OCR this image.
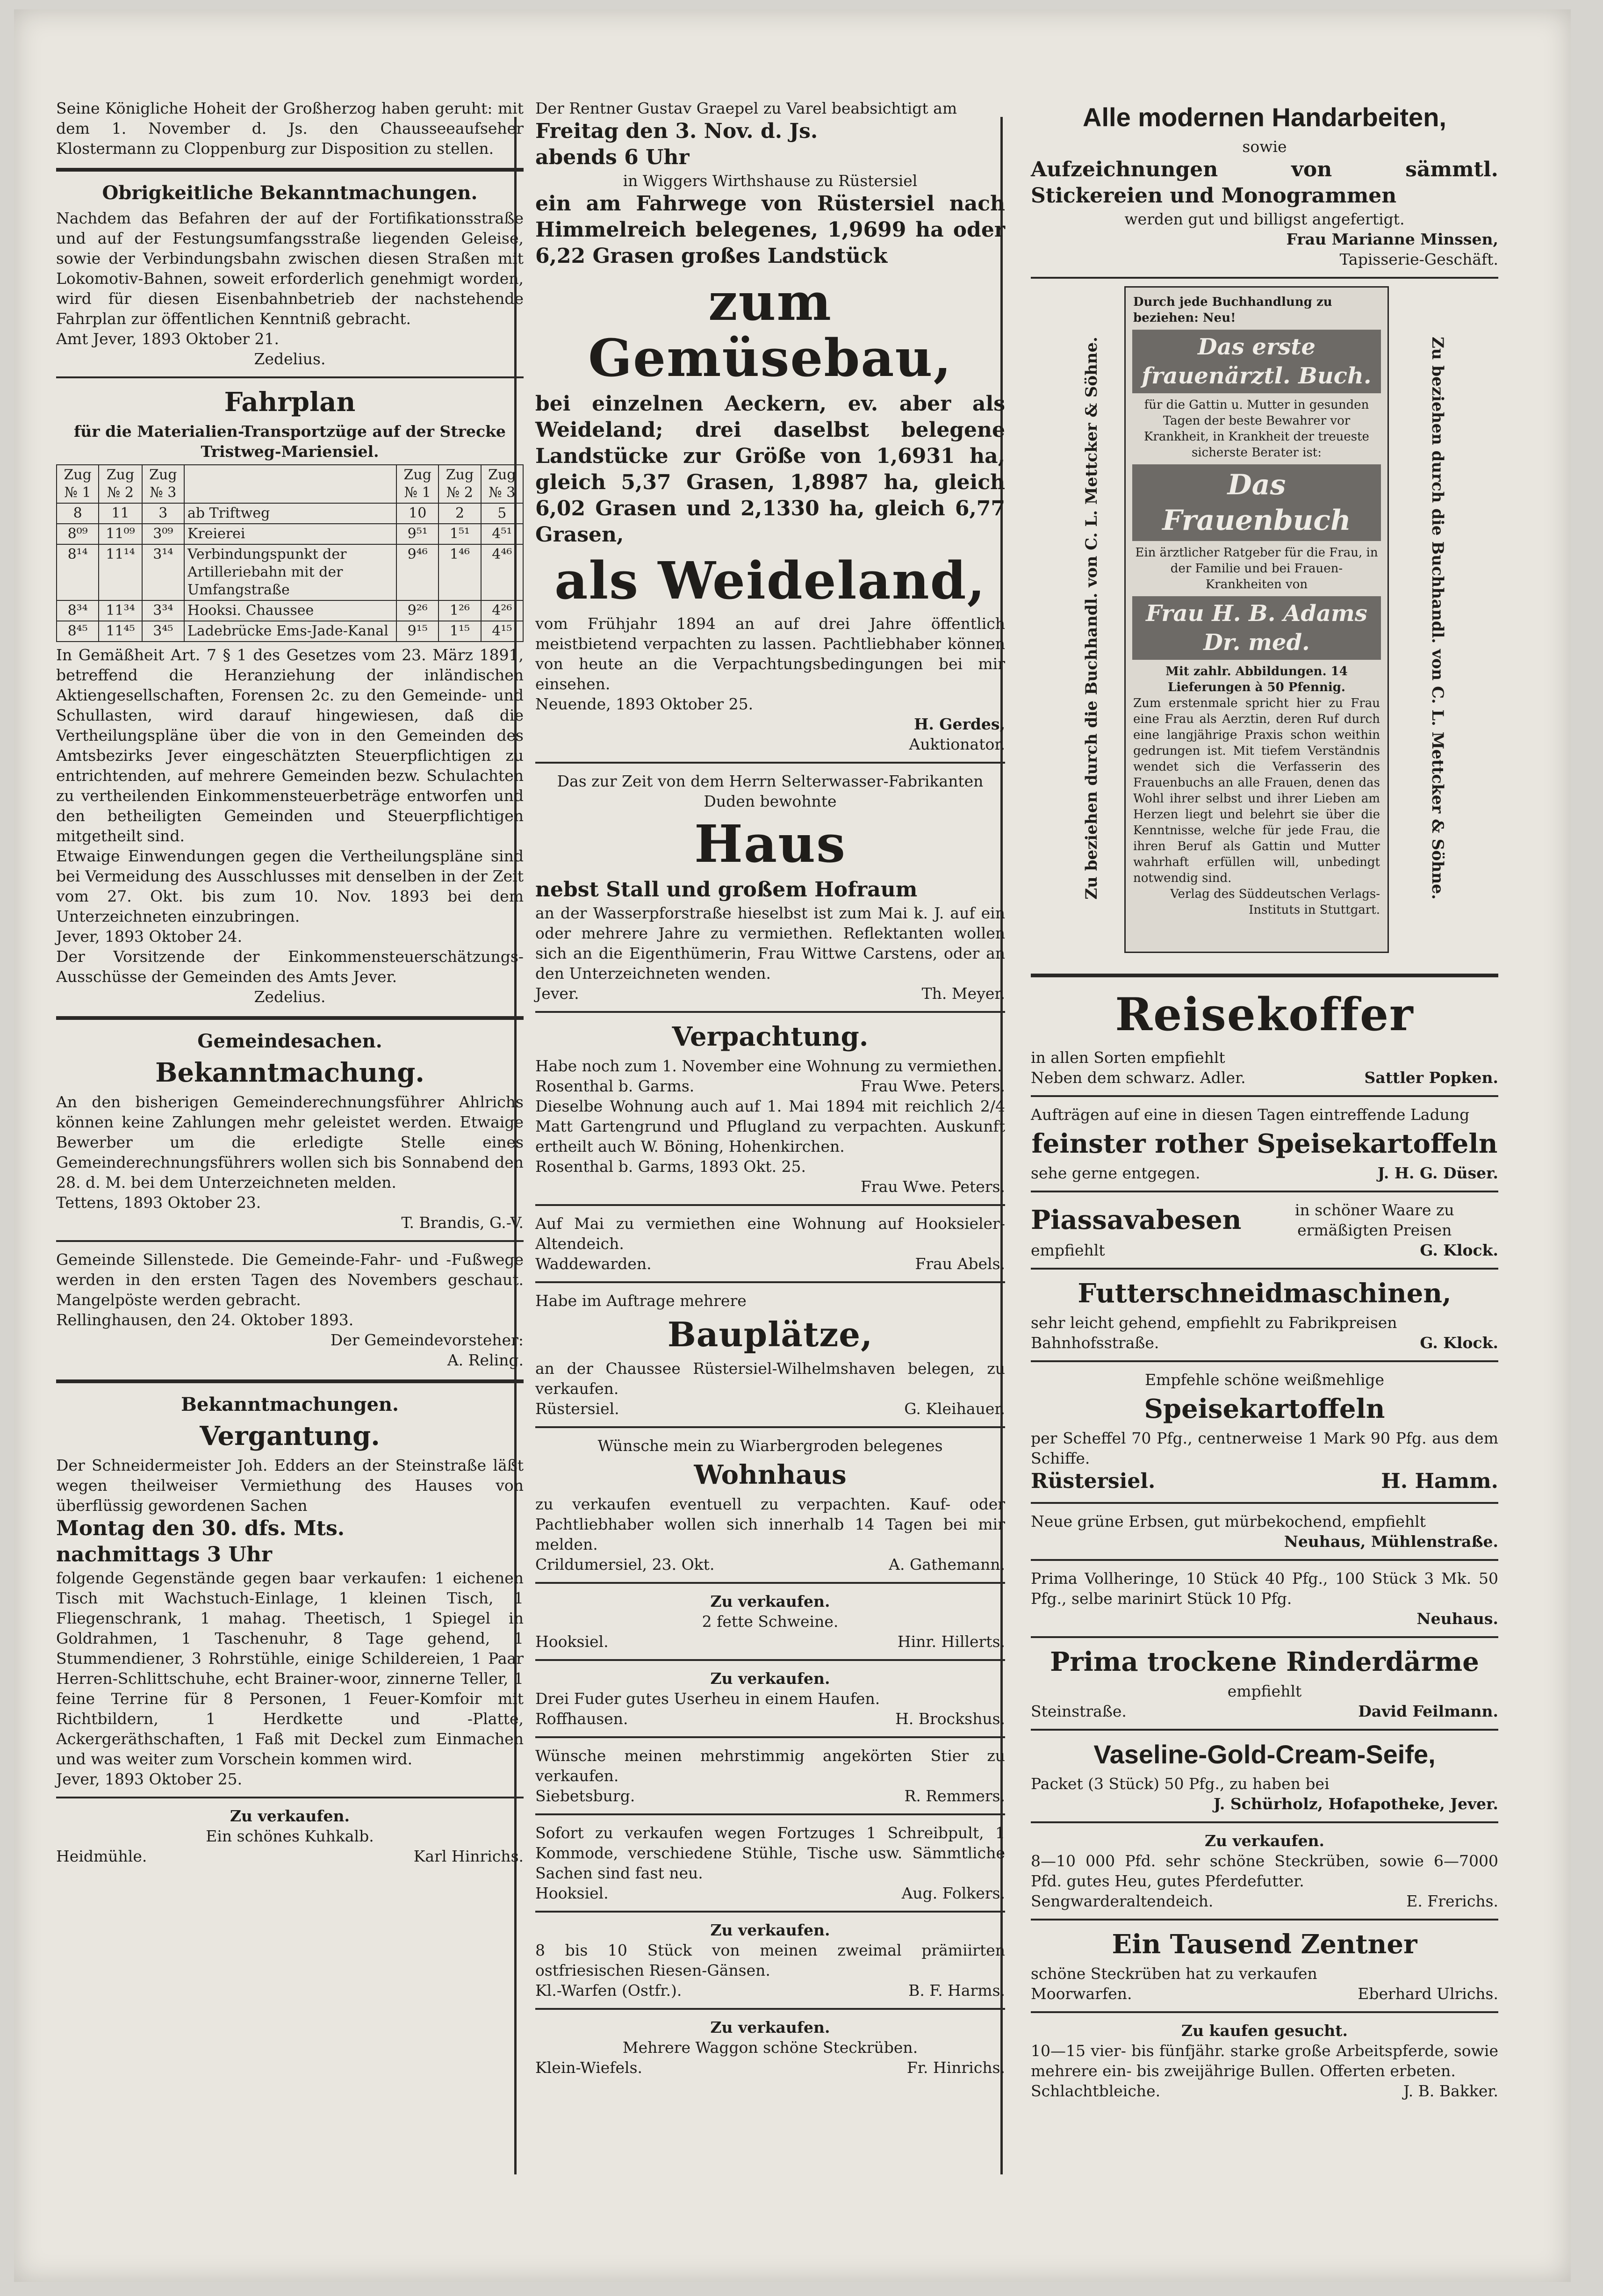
Seine Königliche Hoheit der Großherzog haben geruht: mit dem 1. November d. Js. den Chausseeaufseher Klostermann zu Cloppenburg zur Disposition zu stellen.

Obrigkeitliche Bekanntmachungen.

Nachdem das Befahren der auf der Fortifikationsstraße und auf der Festungsumfangsstraße liegenden Geleise, sowie der Verbindungsbahn zwischen diesen Straßen mit Lokomotiv-Bahnen, soweit erforderlich genehmigt worden, wird für diesen Eisenbahnbetrieb der nachstehende Fahrplan zur öffentlichen Kenntniß gebracht.

Amt Jever, 1893 Oktober 21.

Zedelius.
Fahrplan
für die Materialien-Transportzüge auf der Strecke Tristweg-Mariensiel.
Zug № 1	Zug № 2	Zug № 3		Zug № 1	Zug № 2	Zug № 3
8	11	3	ab Triftweg	10	2	5
8⁰⁹	11⁰⁹	3⁰⁹	Kreierei	9⁵¹	1⁵¹	4⁵¹
8¹⁴	11¹⁴	3¹⁴	Verbindungspunkt der Artilleriebahn mit der Umfangstraße	9⁴⁶	1⁴⁶	4⁴⁶
8³⁴	11³⁴	3³⁴	Hooksi. Chaussee	9²⁶	1²⁶	4²⁶
8⁴⁵	11⁴⁵	3⁴⁵	Ladebrücke Ems-Jade-Kanal	9¹⁵	1¹⁵	4¹⁵

In Gemäßheit Art. 7 § 1 des Gesetzes vom 23. März 1891, betreffend die Heranziehung der inländischen Aktiengesellschaften, Forensen 2c. zu den Gemeinde- und Schullasten, wird darauf hingewiesen, daß die Vertheilungspläne über die von in den Gemeinden des Amtsbezirks Jever eingeschätzten Steuerpflichtigen zu entrichtenden, auf mehrere Gemeinden bezw. Schulachten zu vertheilenden Einkommensteuerbeträge entworfen und den betheiligten Gemeinden und Steuerpflichtigen mitgetheilt sind.

Etwaige Einwendungen gegen die Vertheilungspläne sind bei Vermeidung des Ausschlusses mit denselben in der Zeit vom 27. Okt. bis zum 10. Nov. 1893 bei dem Unterzeichneten einzubringen.

Jever, 1893 Oktober 24.

Der Vorsitzende der Einkommensteuerschätzungs-Ausschüsse der Gemeinden des Amts Jever.

Zedelius.
Gemeindesachen.
Bekanntmachung.

An den bisherigen Gemeinderechnungsführer Ahlrichs können keine Zahlungen mehr geleistet werden. Etwaige Bewerber um die erledigte Stelle eines Gemeinderechnungsführers wollen sich bis Sonnabend den 28. d. M. bei dem Unterzeichneten melden.

Tettens, 1893 Oktober 23.

T. Brandis, G.-V.

Gemeinde Sillenstede. Die Gemeinde-Fahr- und -Fußwege werden in den ersten Tagen des Novembers geschaut. Mangelpöste werden gebracht.

Rellinghausen, den 24. Oktober 1893.

Der Gemeindevorsteher:
A. Reling.
Bekanntmachungen.
Vergantung.

Der Schneidermeister Joh. Edders an der Steinstraße läßt wegen theilweiser Vermiethung des Hauses von überflüssig gewordenen Sachen

Montag den 30. dfs. Mts.
nachmittags 3 Uhr

folgende Gegenstände gegen baar verkaufen: 1 eichenen Tisch mit Wachstuch-Einlage, 1 kleinen Tisch, 1 Fliegenschrank, 1 mahag. Theetisch, 1 Spiegel in Goldrahmen, 1 Taschenuhr, 8 Tage gehend, 1 Stummendiener, 3 Rohrstühle, einige Schildereien, 1 Paar Herren-Schlittschuhe, echt Brainer-woor, zinnerne Teller, 1 feine Terrine für 8 Personen, 1 Feuer-Komfoir mit Richtbildern, 1 Herdkette und -Platte, Ackergeräthschaften, 1 Faß mit Deckel zum Einmachen und was weiter zum Vorschein kommen wird.

Jever, 1893 Oktober 25.

Zu verkaufen.
Ein schönes Kuhkalb.
Heidmühle.	Karl Hinrichs.

Der Rentner Gustav Graepel zu Varel beabsichtigt am

Freitag den 3. Nov. d. Js.
abends 6 Uhr
in Wiggers Wirthshause zu Rüstersiel
ein am Fahrwege von Rüstersiel nach Himmelreich belegenes, 1,9699 ha oder 6,22 Grasen großes Landstück
zum Gemüsebau,
bei einzelnen Aeckern, ev. aber als Weideland; drei daselbst belegene Landstücke zur Größe von 1,6931 ha, gleich 5,37 Grasen, 1,8987 ha, gleich 6,02 Grasen und 2,1330 ha, gleich 6,77 Grasen,
als Weideland,

vom Frühjahr 1894 an auf drei Jahre öffentlich meistbietend verpachten zu lassen. Pachtliebhaber können von heute an die Verpachtungsbedingungen bei mir einsehen.

Neuende, 1893 Oktober 25.

H. Gerdes,
Auktionator.
Das zur Zeit von dem Herrn Selterwasser-Fabrikanten Duden bewohnte
Haus
nebst Stall und großem Hofraum

an der Wasserpforstraße hieselbst ist zum Mai k. J. auf ein oder mehrere Jahre zu vermiethen. Reflektanten wollen sich an die Eigenthümerin, Frau Wittwe Carstens, oder an den Unterzeichneten wenden.

Jever.	Th. Meyer.
Verpachtung.

Habe noch zum 1. November eine Wohnung zu vermiethen.

Rosenthal b. Garms.	Frau Wwe. Peters.

Dieselbe Wohnung auch auf 1. Mai 1894 mit reichlich 2/4 Matt Gartengrund und Pflugland zu verpachten. Auskunft ertheilt auch W. Böning, Hohenkirchen.

Rosenthal b. Garms, 1893 Okt. 25.

Frau Wwe. Peters.

Auf Mai zu vermiethen eine Wohnung auf Hooksieler-Altendeich.

Waddewarden.	Frau Abels.

Habe im Auftrage mehrere

Bauplätze,

an der Chaussee Rüstersiel-Wilhelmshaven belegen, zu verkaufen.

Rüstersiel.	G. Kleihauer.
Wünsche mein zu Wiarbergroden belegenes
Wohnhaus

zu verkaufen eventuell zu verpachten. Kauf- oder Pachtliebhaber wollen sich innerhalb 14 Tagen bei mir melden.

Crildumersiel, 23. Okt.	A. Gathemann.
Zu verkaufen.
2 fette Schweine.
Hooksiel.	Hinr. Hillerts.
Zu verkaufen.

Drei Fuder gutes Userheu in einem Haufen.

Roffhausen.	H. Brockshus.

Wünsche meinen mehrstimmig angekörten Stier zu verkaufen.

Siebetsburg.	R. Remmers.

Sofort zu verkaufen wegen Fortzuges 1 Schreibpult, 1 Kommode, verschiedene Stühle, Tische usw. Sämmtliche Sachen sind fast neu.

Hooksiel.	Aug. Folkers.
Zu verkaufen.

8 bis 10 Stück von meinen zweimal prämiirten ostfriesischen Riesen-Gänsen.

Kl.-Warfen (Ostfr.).	B. F. Harms.
Zu verkaufen.
Mehrere Waggon schöne Steckrüben.
Klein-Wiefels.	Fr. Hinrichs.
Alle modernen Handarbeiten,
sowie
Aufzeichnungen von sämmtl. Stickereien und Monogrammen
werden gut und billigst angefertigt.
Frau Marianne Minssen,
Tapisserie-Geschäft.
Zu beziehen durch die Buchhandl. von C. L. Mettcker & Söhne.
Durch jede Buchhandlung zu beziehen: Neu!
Das erste frauenärztl. Buch.
für die Gattin u. Mutter in gesunden Tagen der beste Bewahrer vor Krankheit, in Krankheit der treueste sicherste Berater ist:
Das Frauenbuch
Ein ärztlicher Ratgeber für die Frau, in der Familie und bei Frauen-Krankheiten von
Frau H. B. Adams Dr. med.
Mit zahlr. Abbildungen. 14 Lieferungen à 50 Pfennig.
Zum erstenmale spricht hier zu Frau eine Frau als Aerztin, deren Ruf durch eine langjährige Praxis schon weithin gedrungen ist. Mit tiefem Verständnis wendet sich die Verfasserin des Frauenbuchs an alle Frauen, denen das Wohl ihrer selbst und ihrer Lieben am Herzen liegt und belehrt sie über die Kenntnisse, welche für jede Frau, die ihren Beruf als Gattin und Mutter wahrhaft erfüllen will, unbedingt notwendig sind.
Verlag des Süddeutschen Verlags-Instituts in Stuttgart.
Zu beziehen durch die Buchhandl. von C. L. Mettcker & Söhne.
Reisekoffer

in allen Sorten empfiehlt

Neben dem schwarz. Adler.	Sattler Popken.

Aufträgen auf eine in diesen Tagen eintreffende Ladung

feinster rother Speisekartoffeln
sehe gerne entgegen.	J. H. G. Düser.
Piassavabesen	in schöner Waare zu ermäßigten Preisen
empfiehlt	G. Klock.
Futterschneidmaschinen,

sehr leicht gehend, empfiehlt zu Fabrikpreisen

Bahnhofsstraße.	G. Klock.
Empfehle schöne weißmehlige
Speisekartoffeln

per Scheffel 70 Pfg., centnerweise 1 Mark 90 Pfg. aus dem Schiffe.

Rüstersiel.	H. Hamm.

Neue grüne Erbsen, gut mürbekochend, empfiehlt

Neuhaus, Mühlenstraße.

Prima Vollheringe, 10 Stück 40 Pfg., 100 Stück 3 Mk. 50 Pfg., selbe marinirt Stück 10 Pfg.

Neuhaus.
Prima trockene Rinderdärme
empfiehlt
Steinstraße.	David Feilmann.
Vaseline-Gold-Cream-Seife,

Packet (3 Stück) 50 Pfg., zu haben bei

J. Schürholz, Hofapotheke, Jever.
Zu verkaufen.

8—10 000 Pfd. sehr schöne Steckrüben, sowie 6—7000 Pfd. gutes Heu, gutes Pferdefutter.

Sengwarderaltendeich.	E. Frerichs.
Ein Tausend Zentner

schöne Steckrüben hat zu verkaufen

Moorwarfen.	Eberhard Ulrichs.
Zu kaufen gesucht.

10—15 vier- bis fünfjähr. starke große Arbeitspferde, sowie mehrere ein- bis zweijährige Bullen. Offerten erbeten.

Schlachtbleiche.	J. B. Bakker.
